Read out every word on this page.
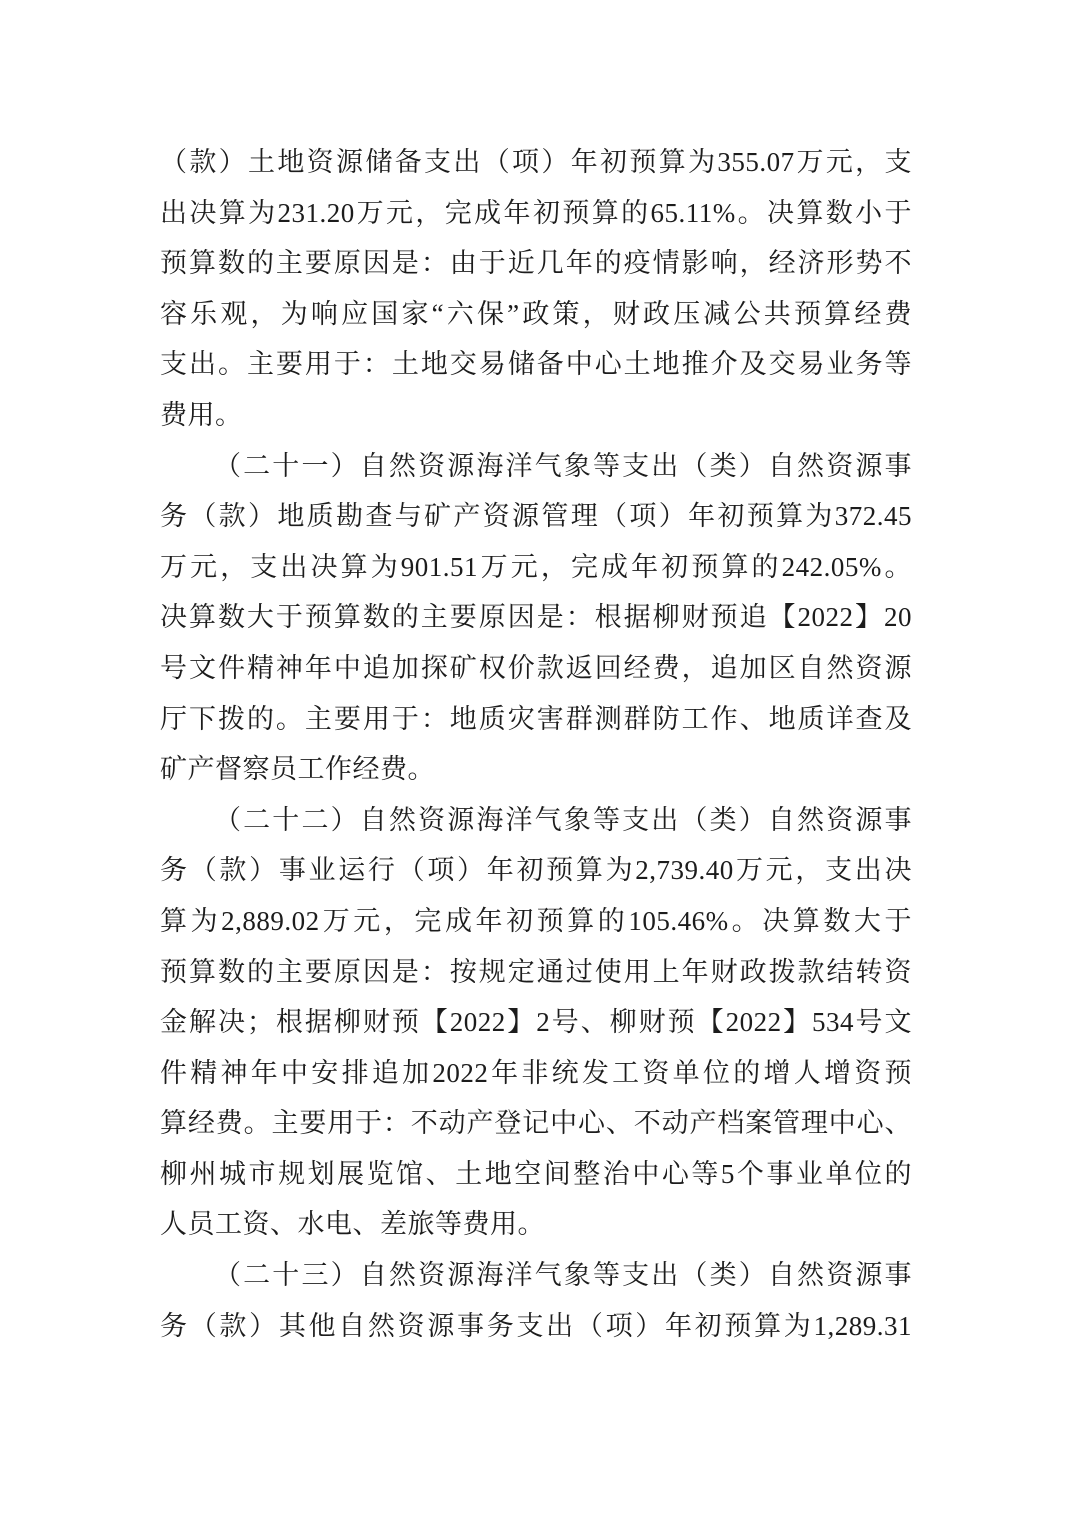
（款）土地资源储备支出（项）年初预算为355.07万元，支
出决算为231.20万元，完成年初预算的65.11%。决算数小于
预算数的主要原因是：由于近几年的疫情影响，经济形势不
容乐观，为响应国家“六保”政策，财政压减公共预算经费
支出。主要用于：土地交易储备中心土地推介及交易业务等
费用。
（二十一）自然资源海洋气象等支出（类）自然资源事
务（款）地质勘查与矿产资源管理（项）年初预算为372.45
万元，支出决算为901.51万元，完成年初预算的242.05%。
决算数大于预算数的主要原因是：根据柳财预追【2022】20
号文件精神年中追加探矿权价款返回经费，追加区自然资源
厅下拨的。主要用于：地质灾害群测群防工作、地质详查及
矿产督察员工作经费。
（二十二）自然资源海洋气象等支出（类）自然资源事
务（款）事业运行（项）年初预算为2,739.40万元，支出决
算为2,889.02万元，完成年初预算的105.46%。决算数大于
预算数的主要原因是：按规定通过使用上年财政拨款结转资
金解决；根据柳财预【2022】2号、柳财预【2022】534号文
件精神年中安排追加2022年非统发工资单位的增人增资预
算经费。主要用于：不动产登记中心、不动产档案管理中心、
柳州城市规划展览馆、土地空间整治中心等5个事业单位的
人员工资、水电、差旅等费用。
（二十三）自然资源海洋气象等支出（类）自然资源事
务（款）其他自然资源事务支出（项）年初预算为1,289.31
